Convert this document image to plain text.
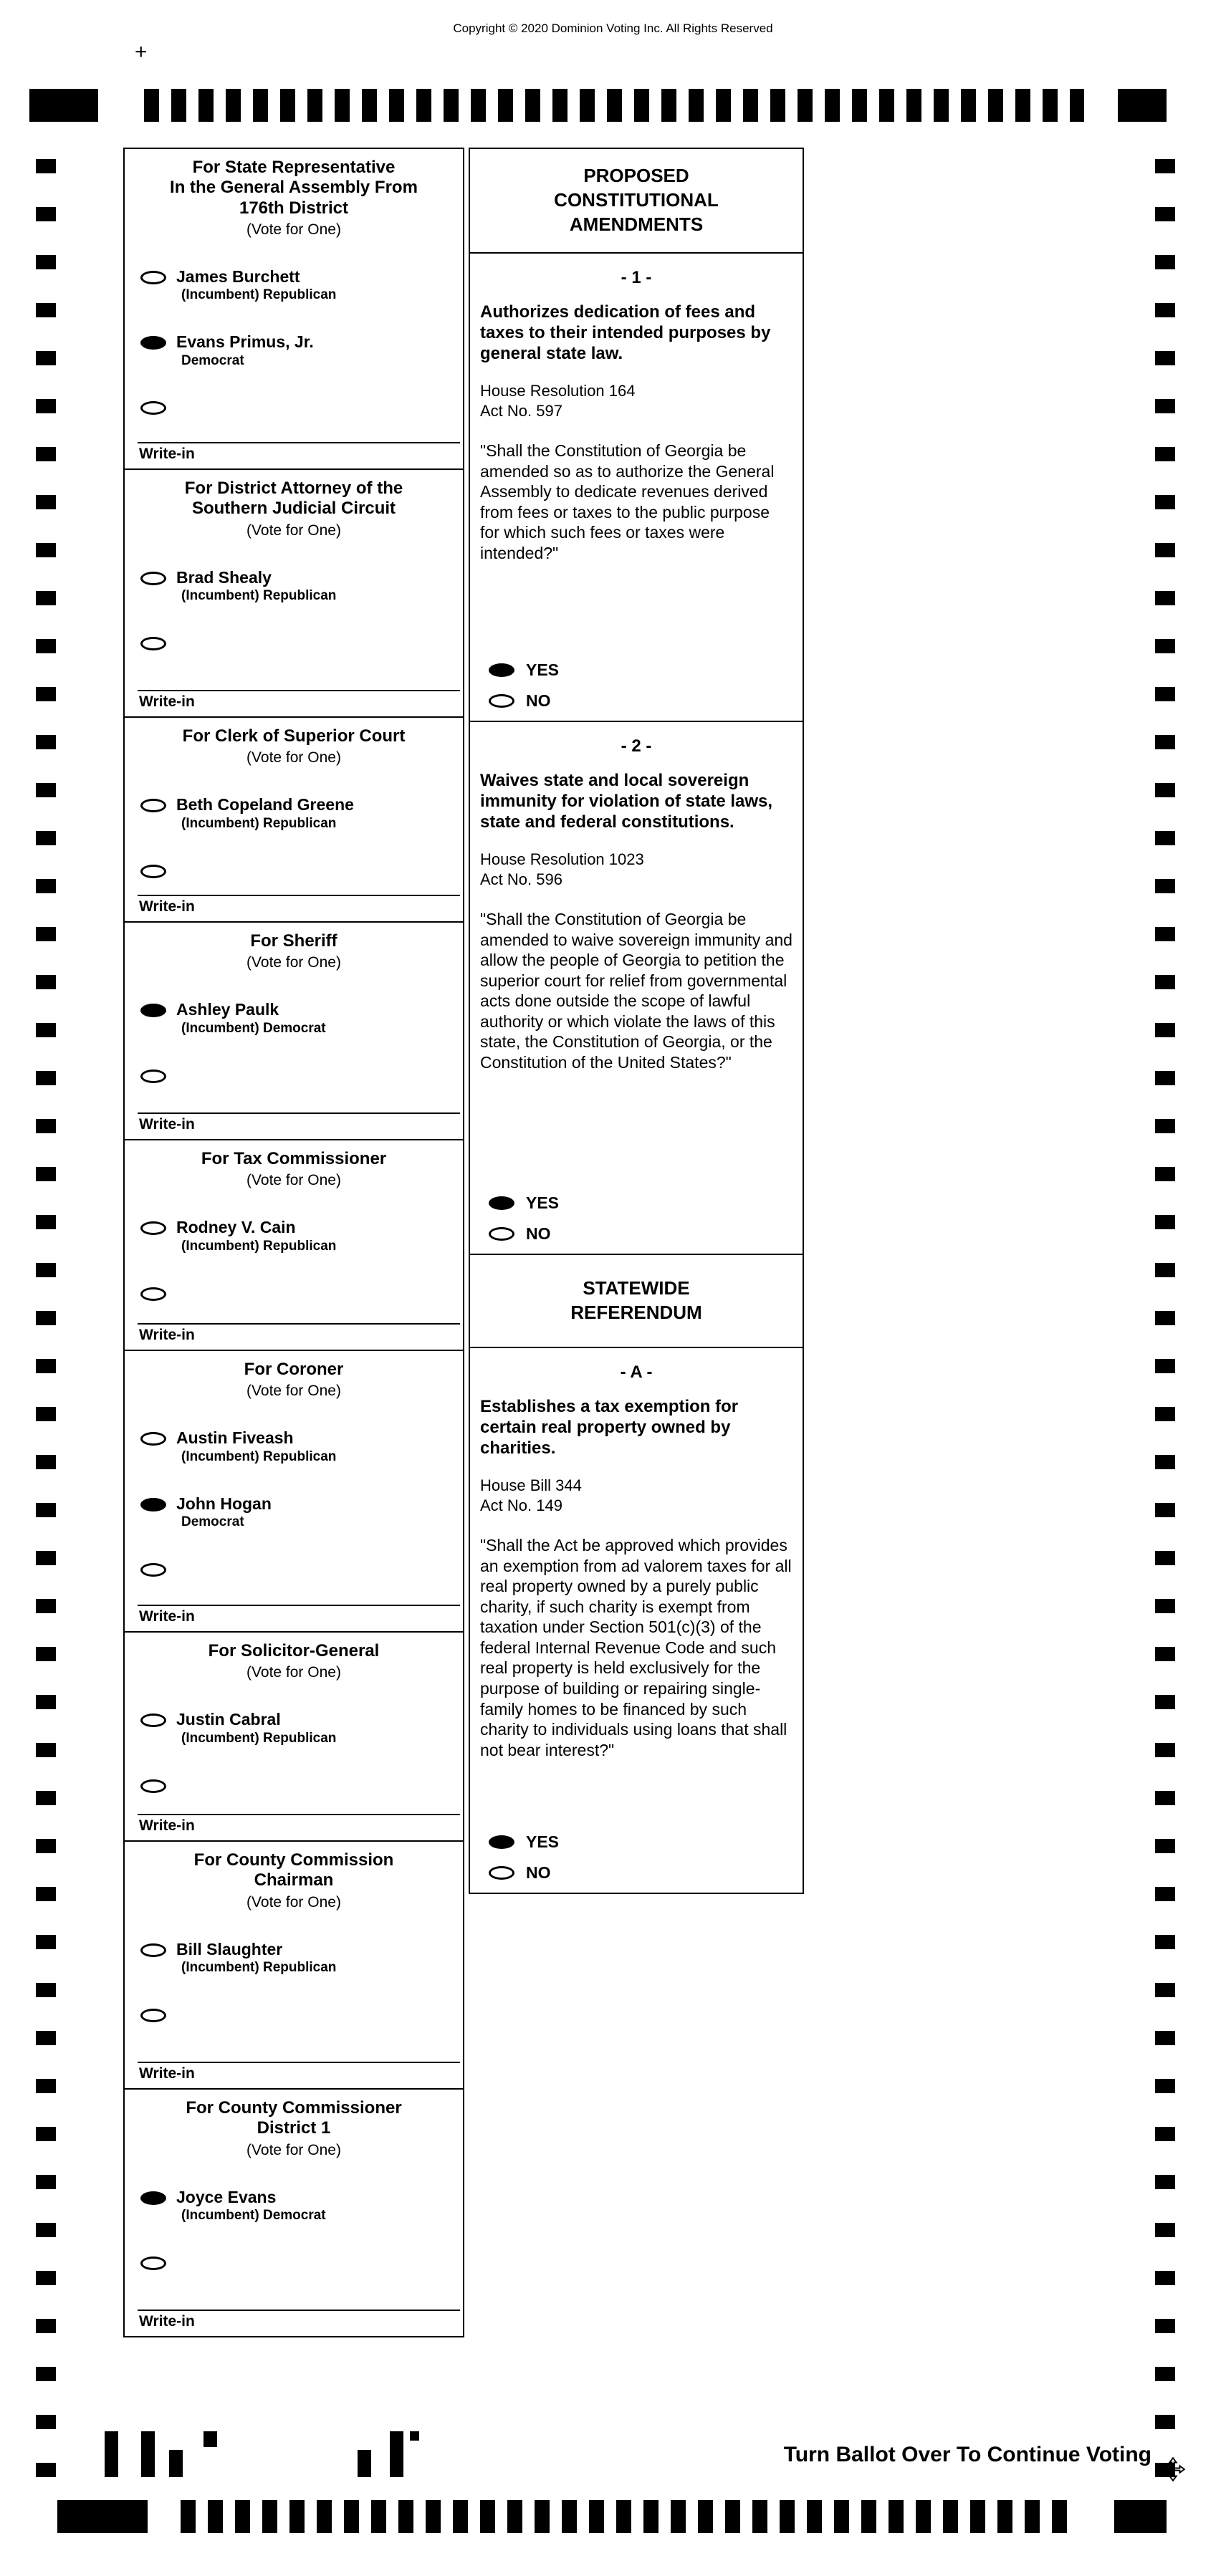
Copyright © 2020 Dominion Voting Inc. All Rights Reserved
+
For State Representative
In the General Assembly From
176th District
(Vote for One)
James Burchett
(Incumbent) Republican
Evans Primus, Jr.
Democrat
Write-in
For District Attorney of the
Southern Judicial Circuit
(Vote for One)
Brad Shealy
(Incumbent) Republican
Write-in
For Clerk of Superior Court
(Vote for One)
Beth Copeland Greene
(Incumbent) Republican
Write-in
For Sheriff
(Vote for One)
Ashley Paulk
(Incumbent) Democrat
Write-in
For Tax Commissioner
(Vote for One)
Rodney V. Cain
(Incumbent) Republican
Write-in
For Coroner
(Vote for One)
Austin Fiveash
(Incumbent) Republican
John Hogan
Democrat
Write-in
For Solicitor-General
(Vote for One)
Justin Cabral
(Incumbent) Republican
Write-in
For County Commission
Chairman
(Vote for One)
Bill Slaughter
(Incumbent) Republican
Write-in
For County Commissioner
District 1
(Vote for One)
Joyce Evans
(Incumbent) Democrat
Write-in
PROPOSED
CONSTITUTIONAL
AMENDMENTS
- 1 -
Authorizes dedication of fees and taxes to their intended purposes by general state law.
House Resolution 164
Act No. 597
"Shall the Constitution of Georgia be amended so as to authorize the General Assembly to dedicate revenues derived from fees or taxes to the public purpose for which such fees or taxes were intended?"
YES
NO
- 2 -
Waives state and local sovereign immunity for violation of state laws, state and federal constitutions.
House Resolution 1023
Act No. 596
"Shall the Constitution of Georgia be amended to waive sovereign immunity and allow the people of Georgia to petition the superior court for relief from governmental acts done outside the scope of lawful authority or which violate the laws of this state, the Constitution of Georgia, or the Constitution of the United States?"
YES
NO
STATEWIDE
REFERENDUM
- A -
Establishes a tax exemption for certain real property owned by charities.
House Bill 344
Act No. 149
"Shall the Act be approved which provides an exemption from ad valorem taxes for all real property owned by a purely public charity, if such charity is exempt from taxation under Section 501(c)(3) of the federal Internal Revenue Code and such real property is held exclusively for the purpose of building or repairing single-family homes to be financed by such charity to individuals using loans that shall not bear interest?"
YES
NO
Turn Ballot Over To Continue Voting
